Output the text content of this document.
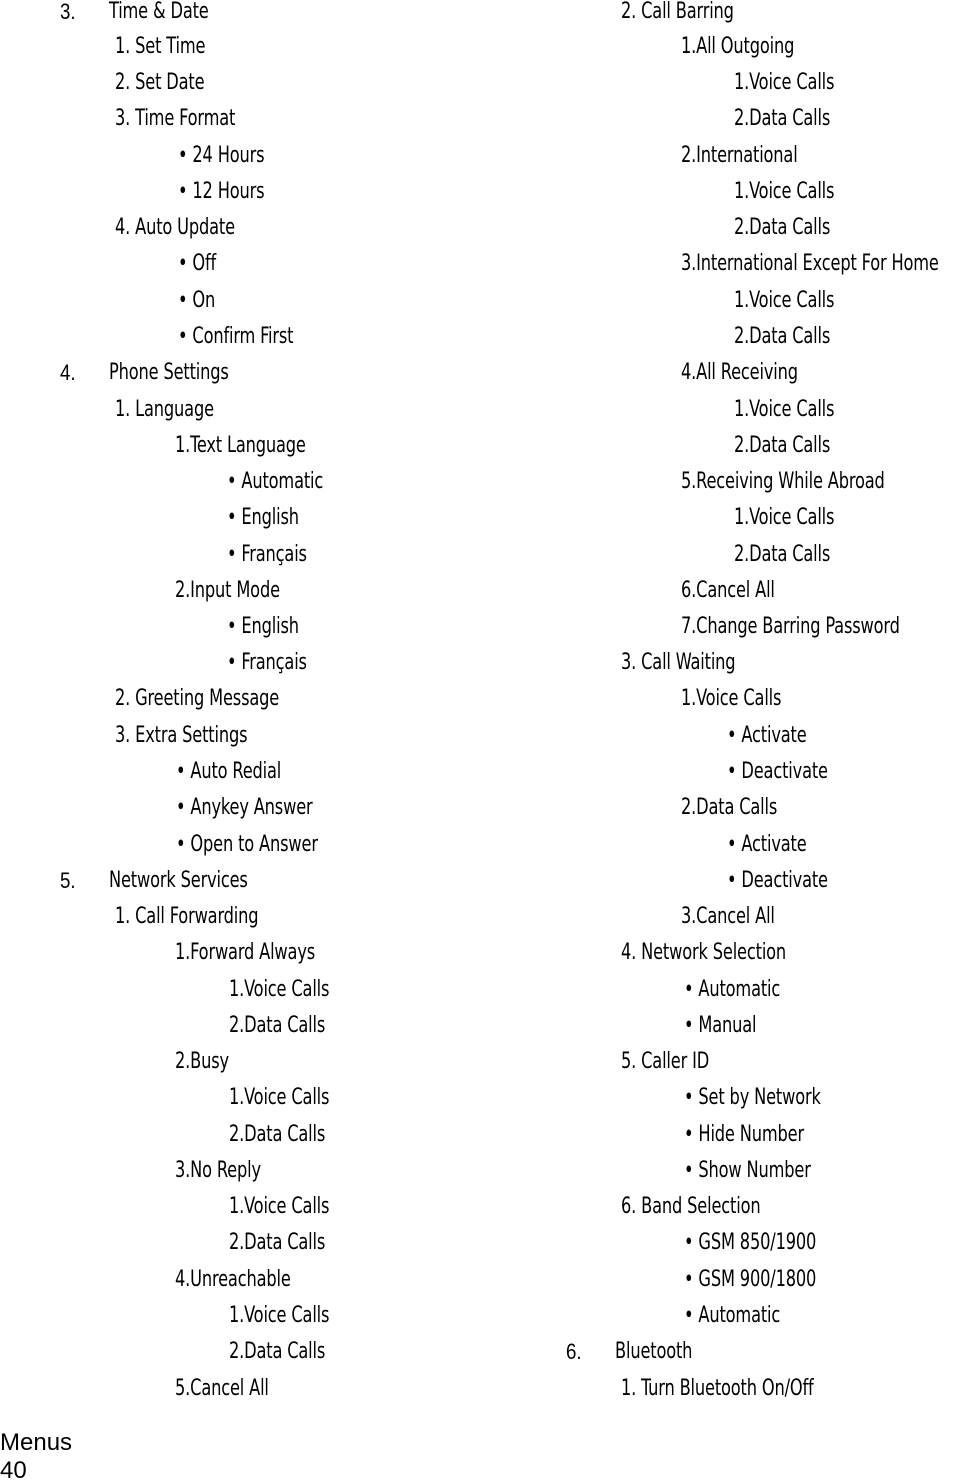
3. Time & Date
1. Set Time
2. Set Date
3. Time Format
• 24 Hours
• 12 Hours
4. Auto Update
• Off
• On
• Confirm First
4. Phone Settings
1. Language
1.Text Language
• Automatic
• English
• Français
2.Input Mode
• English
• Français
2. Greeting Message
3. Extra Settings
• Auto Redial
• Anykey Answer
• Open to Answer
5. Network Services
1. Call Forwarding
1.Forward Always
1.Voice Calls
2.Data Calls
2.Busy
1.Voice Calls
2.Data Calls
3.No Reply
1.Voice Calls
2.Data Calls
4.Unreachable
1.Voice Calls
2.Data Calls
5.Cancel All
2. Call Barring
1.All Outgoing
1.Voice Calls
2.Data Calls
2.International
1.Voice Calls
2.Data Calls
3.International Except For Home
1.Voice Calls
2.Data Calls
4.All Receiving
1.Voice Calls
2.Data Calls
5.Receiving While Abroad
1.Voice Calls
2.Data Calls
6.Cancel All
7.Change Barring Password
3. Call Waiting
1.Voice Calls
• Activate
• Deactivate
2.Data Calls
• Activate
• Deactivate
3.Cancel All
4. Network Selection
• Automatic
• Manual
5. Caller ID
• Set by Network
• Hide Number
• Show Number
6. Band Selection
• GSM 850/1900
• GSM 900/1800
• Automatic
6. Bluetooth
1. Turn Bluetooth On/Off
Menus
40
